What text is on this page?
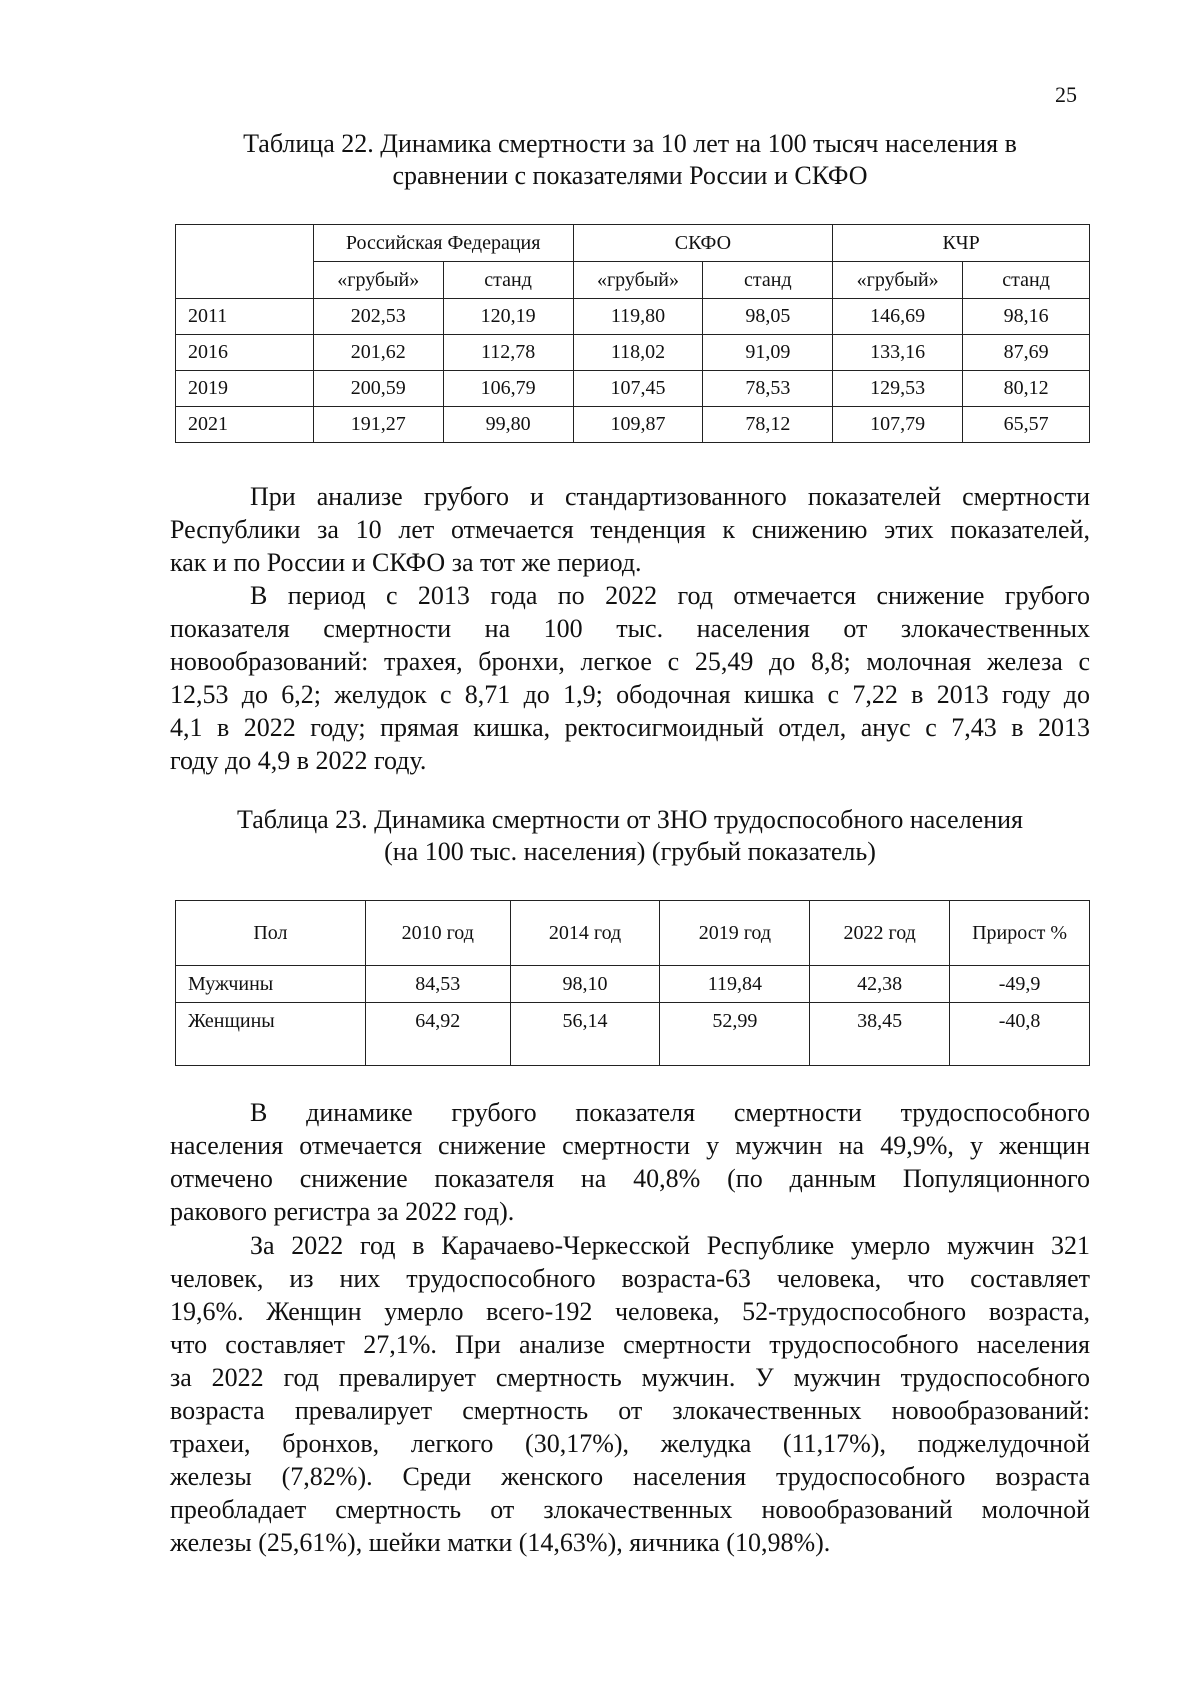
25
Таблица 22. Динамика смертности за 10 лет на 100 тысяч населения в
сравнении с показателями России и СКФО
	Российская Федерация		СКФО		КЧР	
	«грубый»	станд	«грубый»	станд	«грубый»	станд
2011	202,53	120,19	119,80	98,05	146,69	98,16
2016	201,62	112,78	118,02	91,09	133,16	87,69
2019	200,59	106,79	107,45	78,53	129,53	80,12
2021	191,27	99,80	109,87	78,12	107,79	65,57
При анализе грубого и стандартизованного показателей смертности
Республики за 10 лет отмечается тенденция к снижению этих показателей,
как и по России и СКФО за тот же период.
В период с 2013 года по 2022 год отмечается снижение грубого
показателя смертности на 100 тыс. населения от злокачественных
новообразований: трахея, бронхи, легкое с 25,49 до 8,8; молочная железа с
12,53 до 6,2; желудок с 8,71 до 1,9; ободочная кишка с 7,22 в 2013 году до
4,1 в 2022 году; прямая кишка, ректосигмоидный отдел, анус с 7,43 в 2013
году до 4,9 в 2022 году.
Таблица 23. Динамика смертности от ЗНО трудоспособного населения
(на 100 тыс. населения) (грубый показатель)
Пол	2010 год	2014 год	2019 год	2022 год	Прирост %
Мужчины	84,53	98,10	119,84	42,38	-49,9
Женщины	64,92	56,14	52,99	38,45	-40,8

В динамике грубого показателя смертности трудоспособного
населения отмечается снижение смертности у мужчин на 49,9%, у женщин
отмечено снижение показателя на 40,8% (по данным Популяционного
ракового регистра за 2022 год).
За 2022 год в Карачаево-Черкесской Республике умерло мужчин 321
человек, из них трудоспособного возраста-63 человека, что составляет
19,6%. Женщин умерло всего-192 человека, 52-трудоспособного возраста,
что составляет 27,1%. При анализе смертности трудоспособного населения
за 2022 год превалирует смертность мужчин. У мужчин трудоспособного
возраста превалирует смертность от злокачественных новообразований:
трахеи, бронхов, легкого (30,17%), желудка (11,17%), поджелудочной
железы (7,82%). Среди женского населения трудоспособного возраста
преобладает смертность от злокачественных новообразований молочной
железы (25,61%), шейки матки (14,63%), яичника (10,98%).
